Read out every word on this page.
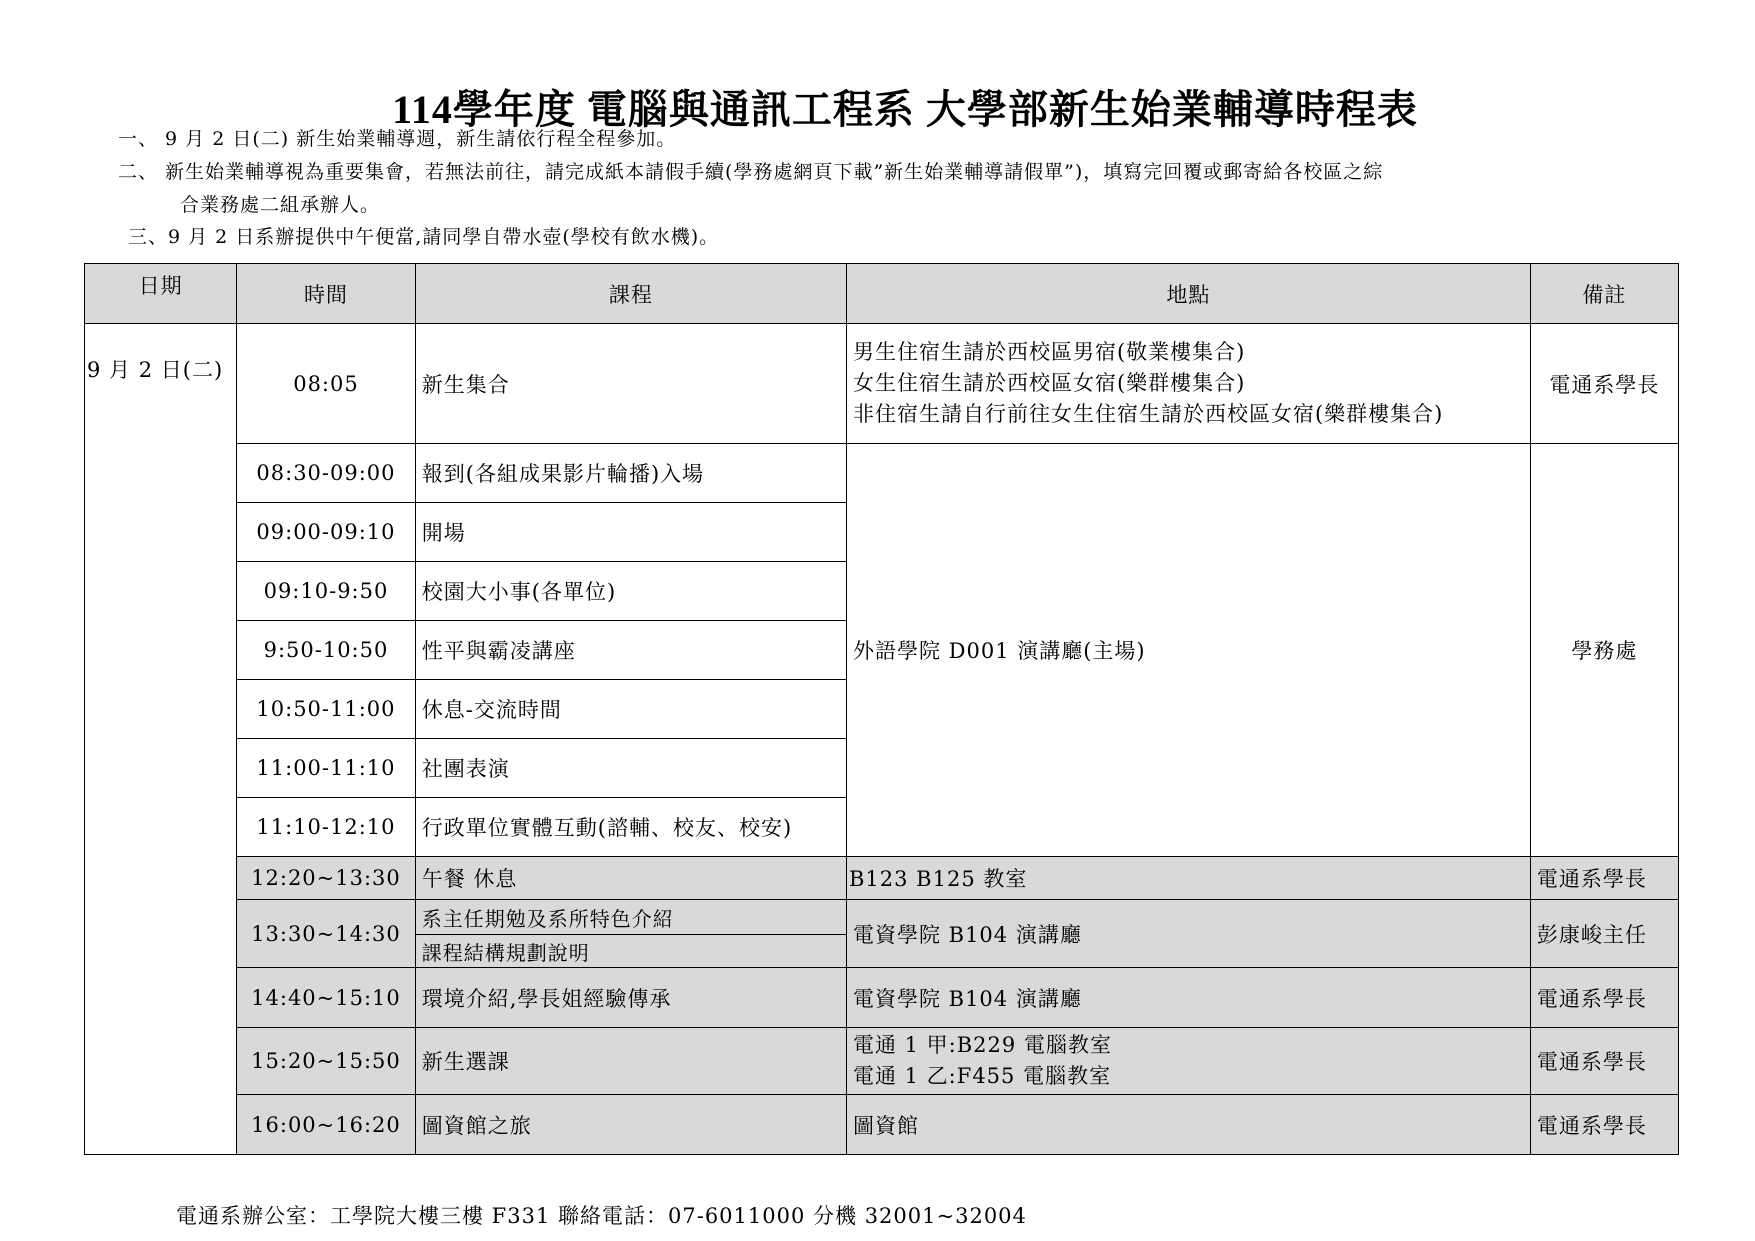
114學年度 電腦與通訊工程系 大學部新生始業輔導時程表
一、 9 月 2 日(二) 新生始業輔導週，新生請依行程全程參加。
二、 新生始業輔導視為重要集會，若無法前往，請完成紙本請假手續(學務處網頁下載”新生始業輔導請假單”)，填寫完回覆或郵寄給各校區之綜
合業務處二組承辦人。
三、9 月 2 日系辦提供中午便當,請同學自帶水壺(學校有飲水機)。
日期	時間	課程	地點	備註
9 月 2 日(二)	08:05	新生集合	男生住宿生請於西校區男宿(敬業樓集合)
女生住宿生請於西校區女宿(樂群樓集合)
非住宿生請自行前往女生住宿生請於西校區女宿(樂群樓集合)	電通系學長
	08:30-09:00	報到(各組成果影片輪播)入場	外語學院 D001 演講廳(主場)	學務處
	09:00-09:10	開場		
	09:10-9:50	校園大小事(各單位)		
	9:50-10:50	性平與霸凌講座		
	10:50-11:00	休息-交流時間		
	11:00-11:10	社團表演		
	11:10-12:10	行政單位實體互動(諮輔、校友、校安)		
	12:20~13:30	午餐 休息	B123 B125 教室	電通系學長
	13:30~14:30	系主任期勉及系所特色介紹	電資學院 B104 演講廳	彭康峻主任
		課程結構規劃說明		
	14:40~15:10	環境介紹,學長姐經驗傳承	電資學院 B104 演講廳	電通系學長
	15:20~15:50	新生選課	電通 1 甲:B229 電腦教室
電通 1 乙:F455 電腦教室	電通系學長
	16:00~16:20	圖資館之旅	圖資館	電通系學長
電通系辦公室：工學院大樓三樓 F331 聯絡電話：07-6011000 分機 32001~32004
